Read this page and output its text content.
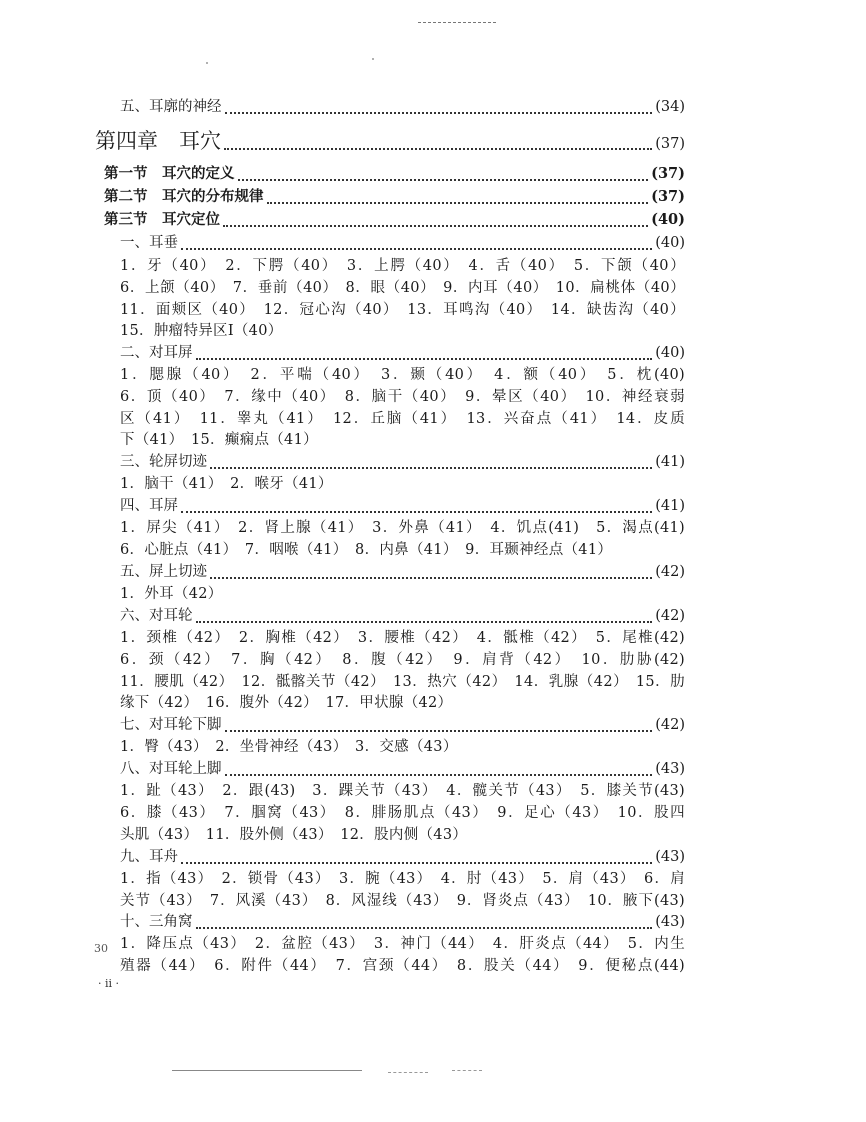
五、耳廓的神经	(34)
第四章　耳穴	(37)
第一节　耳穴的定义	(37)
第二节　耳穴的分布规律	(37)
第三节　耳穴定位	(40)
一、耳垂	(40)
1．牙（40）　2．下腭（40）　3．上腭（40）　4．舌（40）　5．下颌（40）
6．上颌（40）　7．垂前（40）　8．眼（40）　9．内耳（40）　10．扁桃体（40）
11．面颊区（40）　12．冠心沟（40）　13．耳鸣沟（40）　14．缺齿沟（40）
15．肿瘤特异区Ⅰ（40）
二、对耳屏	(40)
1．腮腺（40）　2．平喘（40）　3．颞（40）　4．额（40）　5．枕(40)
6．顶（40）　7．缘中（40）　8．脑干（40）　9．晕区（40）　10．神经衰弱
区（41）　11．睾丸（41）　12．丘脑（41）　13．兴奋点（41）　14．皮质
下（41）　15．癫痫点（41）
三、轮屏切迹	(41)
1．脑干（41）　2．喉牙（41）
四、耳屏	(41)
1．屏尖（41）　2．肾上腺（41）　3．外鼻（41）　4．饥点(41)　5．渴点(41)
6．心脏点（41）　7．咽喉（41）　8．内鼻（41）　9．耳颞神经点（41）
五、屏上切迹	(42)
1．外耳（42）
六、对耳轮	(42)
1．颈椎（42）　2．胸椎（42）　3．腰椎（42）　4．骶椎（42）　5．尾椎(42)
6．颈（42）　7．胸（42）　8．腹（42）　9．肩背（42）　10．肋胁(42)
11．腰肌（42）　12．骶髂关节（42）　13．热穴（42）　14．乳腺（42）　15．肋
缘下（42）　16．腹外（42）　17．甲状腺（42）
七、对耳轮下脚	(42)
1．臀（43）　2．坐骨神经（43）　3．交感（43）
八、对耳轮上脚	(43)
1．趾（43）　2．跟(43)　3．踝关节（43）　4．髋关节（43）　5．膝关节(43)
6．膝（43）　7．腘窝（43）　8．腓肠肌点（43）　9．足心（43）　10．股四
头肌（43）　11．股外侧（43）　12．股内侧（43）
九、耳舟	(43)
1．指（43）　2．锁骨（43）　3．腕（43）　4．肘（43）　5．肩（43）　6．肩
关节（43）　7．风溪（43）　8．风湿线（43）　9．肾炎点（43）　10．腋下(43)
十、三角窝	(43)
1．降压点（43）　2．盆腔（43）　3．神门（44）　4．肝炎点（44）　5．内生
殖器（44）　6．附件（44）　7．宫颈（44）　8．股关（44）　9．便秘点(44)
30
· ii ·
